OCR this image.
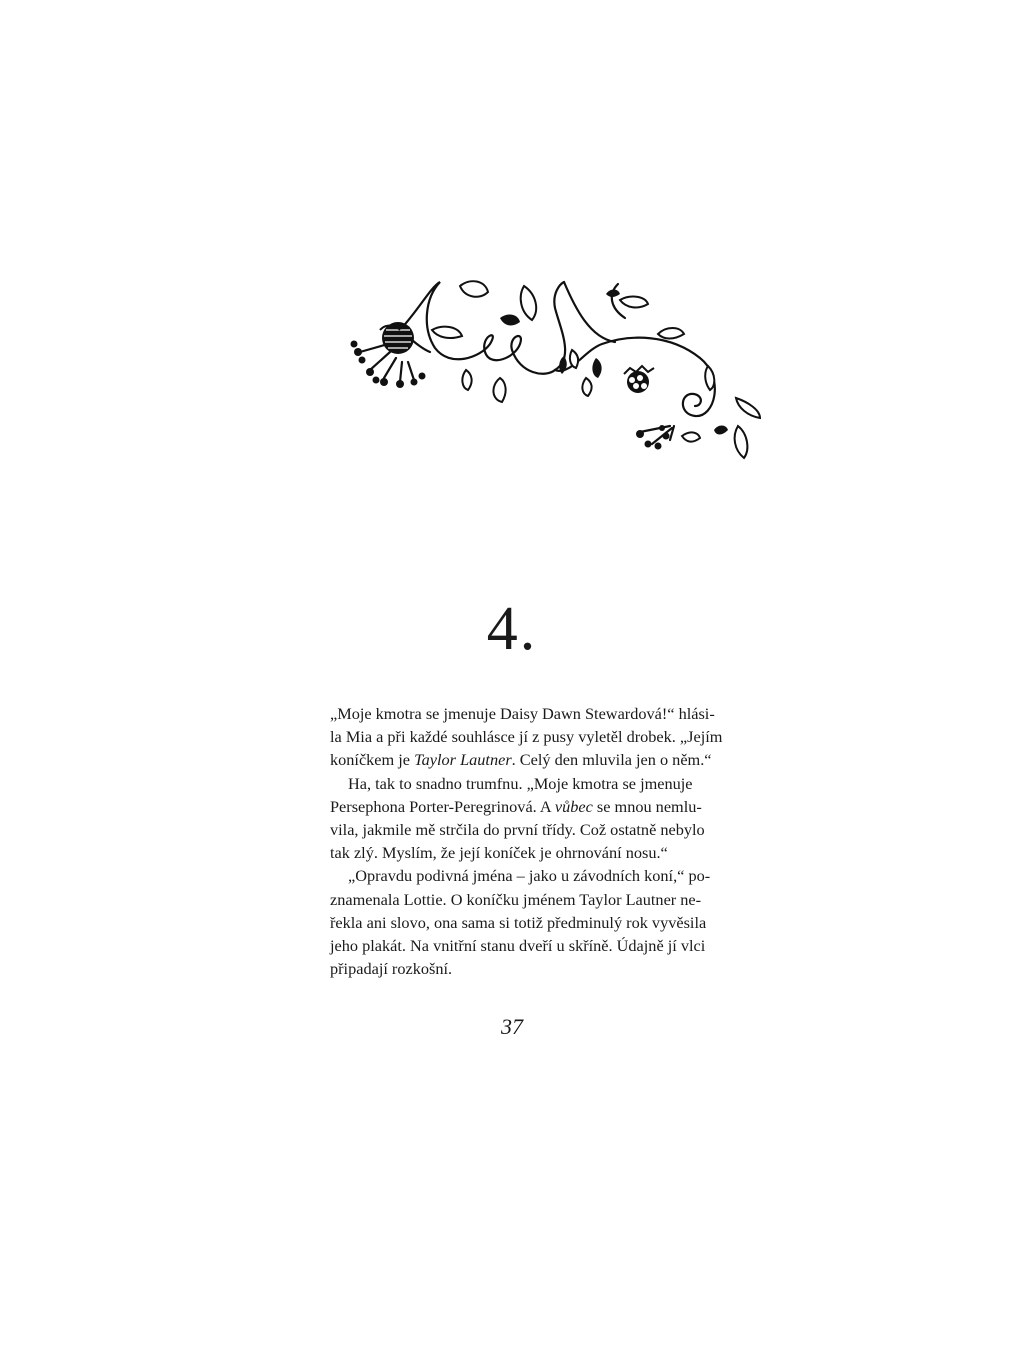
4.
„Moje kmotra se jmenuje Daisy Dawn Stewardová!“ hlási-
la Mia a při každé souhlásce jí z pusy vyletěl drobek. „Jejím
koníčkem je Taylor Lautner. Celý den mluvila jen o něm.“
Ha, tak to snadno trumfnu. „Moje kmotra se jmenuje
Persephona Porter-Peregrinová. A vůbec se mnou nemlu-
vila, jakmile mě strčila do první třídy. Což ostatně nebylo
tak zlý. Myslím, že její koníček je ohrnování nosu.“
„Opravdu podivná jména – jako u závodních koní,“ po-
znamenala Lottie. O koníčku jménem Taylor Lautner ne-
řekla ani slovo, ona sama si totiž předminulý rok vyvěsila
jeho plakát. Na vnitřní stanu dveří u skříně. Údajně jí vlci
připadají rozkošní.
37
